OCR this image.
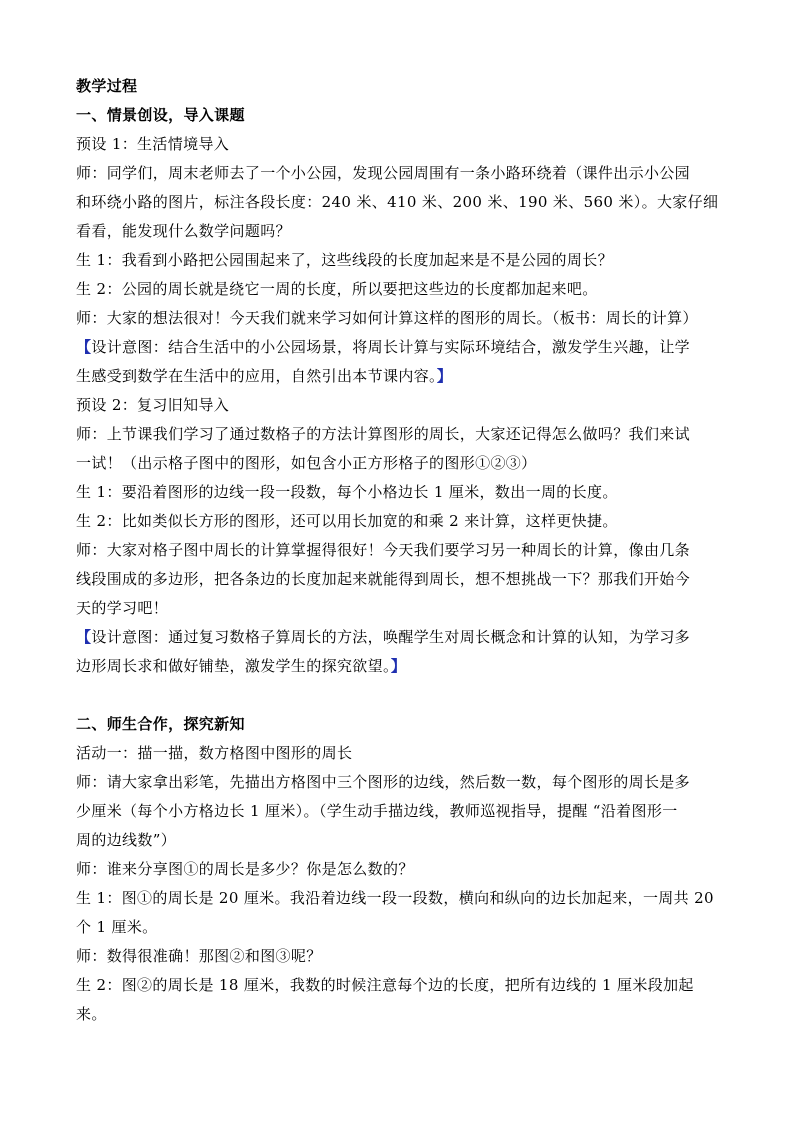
教学过程
一、情景创设，导入课题
预设 1：生活情境导入
师：同学们，周末老师去了一个小公园，发现公园周围有一条小路环绕着（课件出示小公园
和环绕小路的图片，标注各段长度：240 米、410 米、200 米、190 米、560 米）。大家仔细
看看，能发现什么数学问题吗？
生 1：我看到小路把公园围起来了，这些线段的长度加起来是不是公园的周长？
生 2：公园的周长就是绕它一周的长度，所以要把这些边的长度都加起来吧。
师：大家的想法很对！今天我们就来学习如何计算这样的图形的周长。（板书：周长的计算）
【设计意图：结合生活中的小公园场景，将周长计算与实际环境结合，激发学生兴趣，让学
生感受到数学在生活中的应用，自然引出本节课内容。】
预设 2：复习旧知导入
师：上节课我们学习了通过数格子的方法计算图形的周长，大家还记得怎么做吗？我们来试
一试！（出示格子图中的图形，如包含小正方形格子的图形①②③）
生 1：要沿着图形的边线一段一段数，每个小格边长 1 厘米，数出一周的长度。
生 2：比如类似长方形的图形，还可以用长加宽的和乘 2 来计算，这样更快捷。
师：大家对格子图中周长的计算掌握得很好！今天我们要学习另一种周长的计算，像由几条
线段围成的多边形，把各条边的长度加起来就能得到周长，想不想挑战一下？那我们开始今
天的学习吧！
【设计意图：通过复习数格子算周长的方法，唤醒学生对周长概念和计算的认知，为学习多
边形周长求和做好铺垫，激发学生的探究欲望。】
二、师生合作，探究新知
活动一：描一描，数方格图中图形的周长
师：请大家拿出彩笔，先描出方格图中三个图形的边线，然后数一数，每个图形的周长是多
少厘米（每个小方格边长 1 厘米）。（学生动手描边线，教师巡视指导，提醒 “沿着图形一
周的边线数”）
师：谁来分享图①的周长是多少？你是怎么数的？
生 1：图①的周长是 20 厘米。我沿着边线一段一段数，横向和纵向的边长加起来，一周共 20
个 1 厘米。
师：数得很准确！那图②和图③呢？
生 2：图②的周长是 18 厘米，我数的时候注意每个边的长度，把所有边线的 1 厘米段加起
来。
